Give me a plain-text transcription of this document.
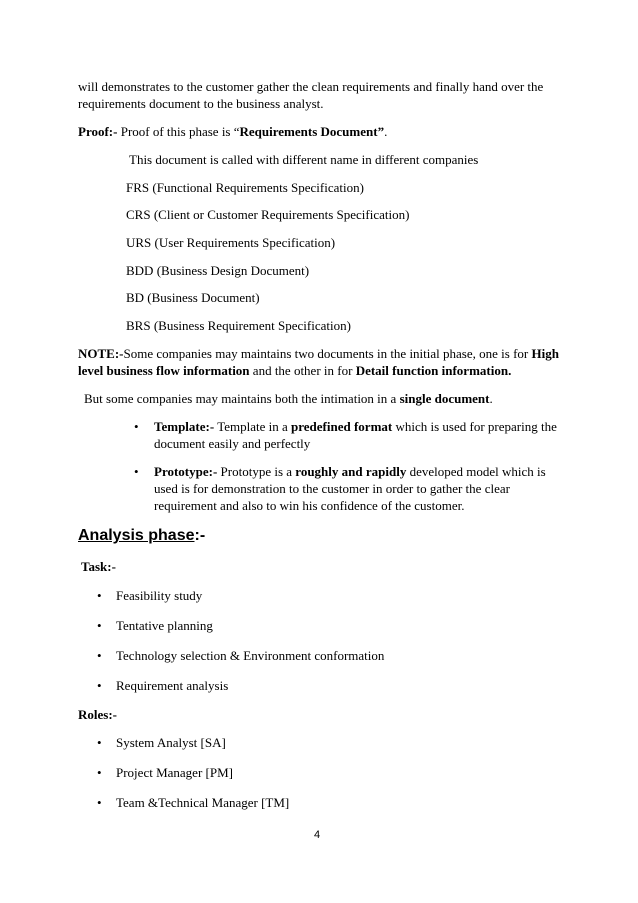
will demonstrates to the customer gather the clean requirements and finally hand over the
requirements document to the business analyst.
Proof:- Proof of this phase is “Requirements Document”.
This document is called with different name in different companies
FRS (Functional Requirements Specification)
CRS (Client or Customer Requirements Specification)
URS (User Requirements Specification)
BDD (Business Design Document)
BD (Business Document)
BRS (Business Requirement Specification)
NOTE:-Some companies may maintains two documents in the initial phase, one is for High
level business flow information and the other in for Detail function information.
But some companies may maintains both the intimation in a single document.
• Template:- Template in a predefined format which is used for preparing the
document easily and perfectly
• Prototype:- Prototype is a roughly and rapidly developed model which is
used is for demonstration to the customer in order to gather the clear
requirement and also to win his confidence of the customer.
Analysis phase:-
Task:-
• Feasibility study
• Tentative planning
• Technology selection & Environment conformation
• Requirement analysis
Roles:-
• System Analyst [SA]
• Project Manager [PM]
• Team &Technical Manager [TM]
4
